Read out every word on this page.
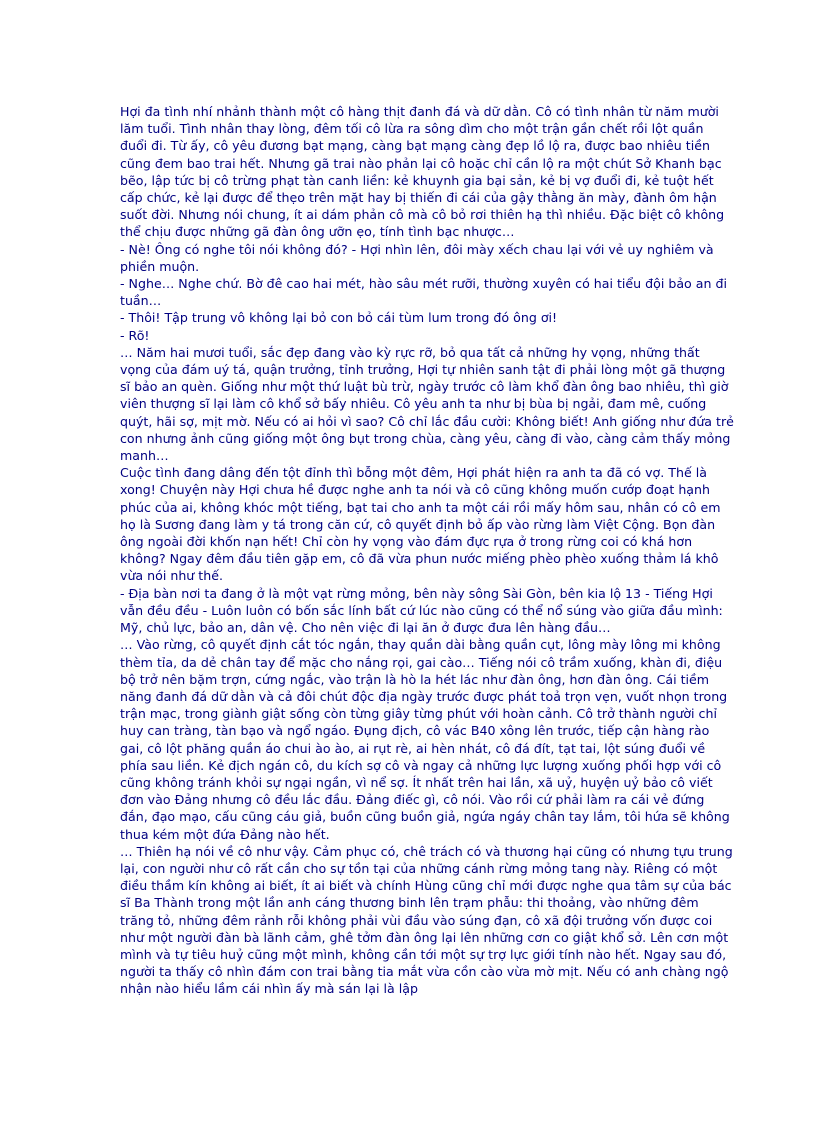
Hợi đa tình nhí nhảnh thành một cô hàng thịt đanh đá và dữ dằn. Cô có tình nhân từ năm mười lăm tuổi. Tình nhân thay lòng, đêm tối cô lừa ra sông dìm cho một trận gần chết rồi lột quần đuổi đi. Từ ấy, cô yêu đương bạt mạng, càng bạt mạng càng đẹp lồ lộ ra, được bao nhiêu tiền cũng đem bao trai hết. Nhưng gã trai nào phản lại cô hoặc chỉ cần lộ ra một chút Sở Khanh bạc bẽo, lập tức bị cô trừng phạt tàn canh liền: kẻ khuynh gia bại sản, kẻ bị vợ đuổi đi, kẻ tuột hết cấp chức, kẻ lại được để thẹo trên mặt hay bị thiến đi cái của gậy thằng ăn mày, đành ôm hận suốt đời. Nhưng nói chung, ít ai dám phản cô mà cô bỏ rơi thiên hạ thì nhiều. Đặc biệt cô không thể chịu được những gã đàn ông ưỡn ẹo, tính tình bạc nhược…

- Nè! Ông có nghe tôi nói không đó? - Hợi nhìn lên, đôi mày xếch chau lại với vẻ uy nghiêm và phiền muộn.

- Nghe… Nghe chứ. Bờ đê cao hai mét, hào sâu mét rưỡi, thường xuyên có hai tiểu đội bảo an đi tuần…

- Thôi! Tập trung vô không lại bỏ con bỏ cái tùm lum trong đó ông ơi!

- Rõ!

… Năm hai mươi tuổi, sắc đẹp đang vào kỳ rực rỡ, bỏ qua tất cả những hy vọng, những thất vọng của đám uý tá, quận trưởng, tỉnh trưởng, Hợi tự nhiên sanh tật đi phải lòng một gã thượng sĩ bảo an quèn. Giống như một thứ luật bù trừ, ngày trước cô làm khổ đàn ông bao nhiêu, thì giờ viên thượng sĩ lại làm cô khổ sở bấy nhiêu. Cô yêu anh ta như bị bùa bị ngải, đam mê, cuống quýt, hãi sợ, mịt mờ. Nếu có ai hỏi vì sao? Cô chỉ lắc đầu cười: Không biết! Anh giống như đứa trẻ con nhưng ảnh cũng giống một ông bụt trong chùa, càng yêu, càng đi vào, càng cảm thấy mỏng manh…

Cuộc tình đang dâng đến tột đỉnh thì bỗng một đêm, Hợi phát hiện ra anh ta đã có vợ. Thế là xong! Chuyện này Hợi chưa hề được nghe anh ta nói và cô cũng không muốn cướp đoạt hạnh phúc của ai, không khóc một tiếng, bạt tai cho anh ta một cái rồi mấy hôm sau, nhân có cô em họ là Sương đang làm y tá trong căn cứ, cô quyết định bỏ ấp vào rừng làm Việt Cộng. Bọn đàn ông ngoài đời khốn nạn hết! Chỉ còn hy vọng vào đám đực rựa ở trong rừng coi có khá hơn không? Ngay đêm đầu tiên gặp em, cô đã vừa phun nước miếng phèo phèo xuống thảm lá khô vừa nói như thế.

- Địa bàn nơi ta đang ở là một vạt rừng mỏng, bên này sông Sài Gòn, bên kia lộ 13 - Tiếng Hợi vẫn đều đều - Luôn luôn có bốn sắc lính bất cứ lúc nào cũng có thể nổ súng vào giữa đầu mình: Mỹ, chủ lực, bảo an, dân vệ. Cho nên việc đi lại ăn ở được đưa lên hàng đầu…

… Vào rừng, cô quyết định cắt tóc ngắn, thay quần dài bằng quần cụt, lông mày lông mi không thèm tỉa, da dẻ chân tay để mặc cho nắng rọi, gai cào… Tiếng nói cô trầm xuống, khàn đi, điệu bộ trở nên bặm trợn, cứng ngắc, vào trận là hò la hét lác như đàn ông, hơn đàn ông. Cái tiềm năng đanh đá dữ dằn và cả đôi chút độc địa ngày trước được phát toả trọn vẹn, vuốt nhọn trong trận mạc, trong giành giật sống còn từng giây từng phút với hoàn cảnh. Cô trở thành người chỉ huy can tràng, tàn bạo và ngổ ngáo. Đụng địch, cô vác B40 xông lên trước, tiếp cận hàng rào gai, cô lột phăng quần áo chui ào ào, ai rụt rè, ai hèn nhát, cô đá đít, tạt tai, lột súng đuổi về phía sau liền. Kẻ địch ngán cô, du kích sợ cô và ngay cả những lực lượng xuống phối hợp với cô cũng không tránh khỏi sự ngại ngần, vì nể sợ. Ít nhất trên hai lần, xã uỷ, huyện uỷ bảo cô viết đơn vào Đảng nhưng cô đều lắc đầu. Đảng điếc gì, cô nói. Vào rồi cứ phải làm ra cái vẻ đứng đắn, đạo mạo, cấu cũng cáu giả, buồn cũng buồn giả, ngứa ngáy chân tay lắm, tôi hứa sẽ không thua kém một đứa Đảng nào hết.

… Thiên hạ nói về cô như vậy. Cảm phục có, chê trách có và thương hại cũng có nhưng tựu trung lại, con người như cô rất cần cho sự tồn tại của những cánh rừng mỏng tang này. Riêng có một điều thầm kín không ai biết, ít ai biết và chính Hùng cũng chỉ mới được nghe qua tâm sự của bác sĩ Ba Thành trong một lần anh cáng thương binh lên trạm phẫu: thi thoảng, vào những đêm trăng tỏ, những đêm rảnh rỗi không phải vùi đầu vào súng đạn, cô xã đội trưởng vốn được coi như một người đàn bà lãnh cảm, ghê tởm đàn ông lại lên những cơn co giật khổ sở. Lên cơn một mình và tự tiêu huỷ cũng một mình, không cần tới một sự trợ lực giới tính nào hết. Ngay sau đó, người ta thấy cô nhìn đám con trai bằng tia mắt vừa cồn cào vừa mờ mịt. Nếu có anh chàng ngộ nhận nào hiểu lầm cái nhìn ấy mà sán lại là lập
